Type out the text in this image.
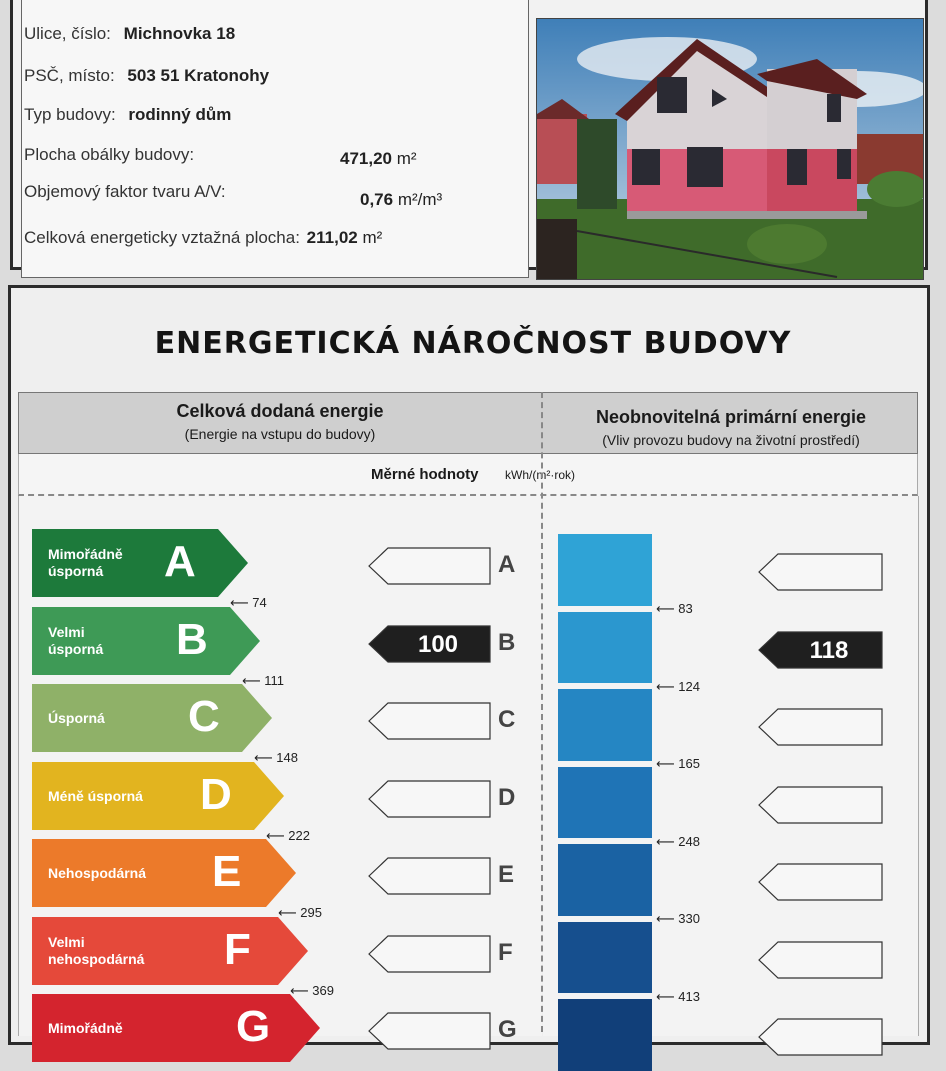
Ulice, číslo: Michnovka 18
PSČ, místo: 503 51 Kratonohy
Typ budovy: rodinný dům
Plocha obálky budovy:	471,20 m²
Objemový faktor tvaru A/V:	0,76 m²/m³
Celková energeticky vztažná plocha: 211,02 m²
ENERGETICKÁ NÁROČNOST BUDOVY
Celková dodaná energie
(Energie na vstupu do budovy)
Neobnovitelná primární energie
(Vliv provozu budovy na životní prostředí)
Měrné hodnoty kWh/(m²·rok)
Mimořádně
úsporná	A	A
⟵ 74	⟵ 83
Velmi
úsporná B	100	B	118
⟵ 111	⟵ 124
Úsporná C	C
⟵ 148	⟵ 165
Méně úsporná D	D
⟵ 222	⟵ 248
Nehospodárná E	E
⟵ 295	⟵ 330
Velmi
nehospodárná F	F
⟵ 369	⟵ 413
Mimořádně	G	G
